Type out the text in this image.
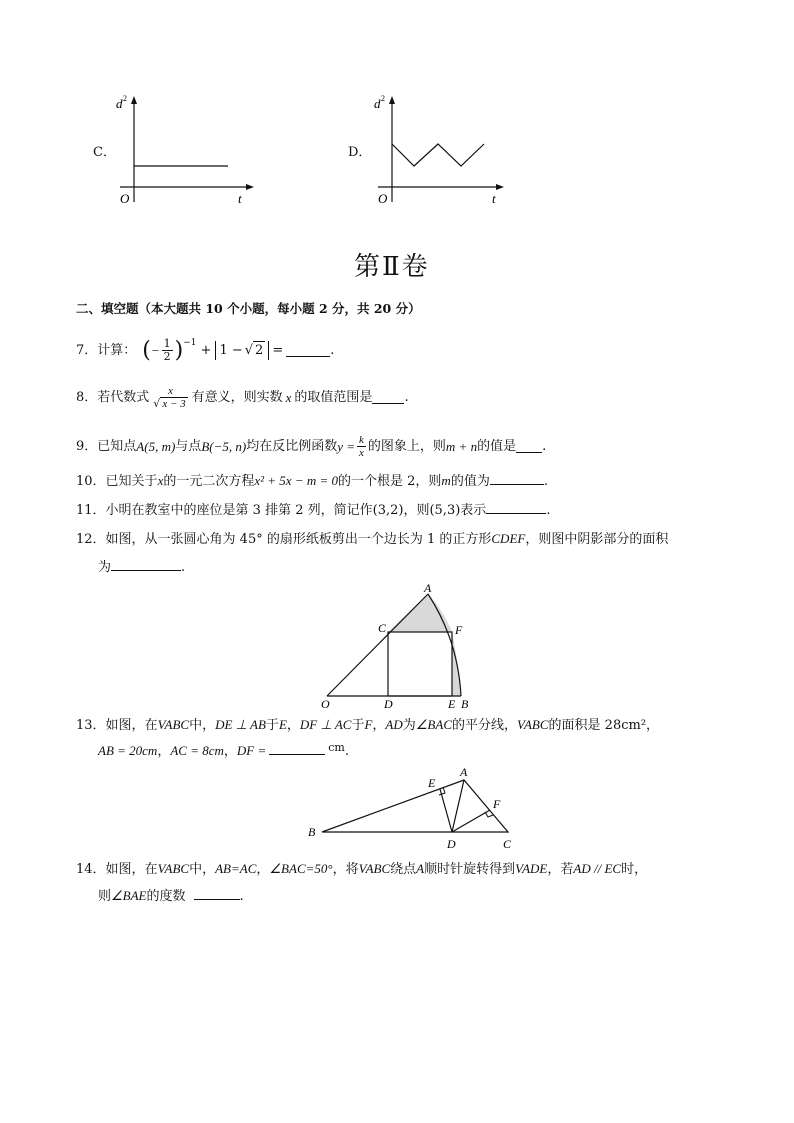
C．
d 2
O	t
D．
d 2
O	t
第Ⅱ卷
二、填空题（本大题共 10 个小题，每小题 2 分，共 20 分）
7． 计算： ( − $\frac{1}{2} )^{-1} + 1$ − √ 2 =	.
8． 若代数式 $\frac{x}{√ x - 3}$ 有意义，则实数 x 的取值范围是 .
9． 已知点 A(5, m) 与点 B(−5, n) 均在反比例函数 $y = \frac{k}{x}$ 的图象上，则 m + n 的值是 .
10．已知关于x的一元二次方程x² + 5x − m = 0的一个根是 2，则m的值为	.
11．小明在教室中的座位是第 3 排第 2 列，简记作(3,2)，则(5,3)表示	.
12．如图，从一张圆心角为 45° 的扇形纸板剪出一个边长为 1 的正方形CDEF，则图中阴影部分的面积
为	.
A
C	F
O	D	E B
13．如图，在VABC中，DE ⊥ AB于E，DF ⊥ AC于F，AD为∠BAC的平分线，VABC的面积是 28cm²，
AB = 20cm，AC = 8cm，DF =	$^{cm}$.
E
A
F
B
D	C
14．如图，在VABC中，AB=AC，∠BAC=50°，将VABC绕点A顺时针旋转得到VADE，若AD // EC时，
则∠BAE的度数	.
